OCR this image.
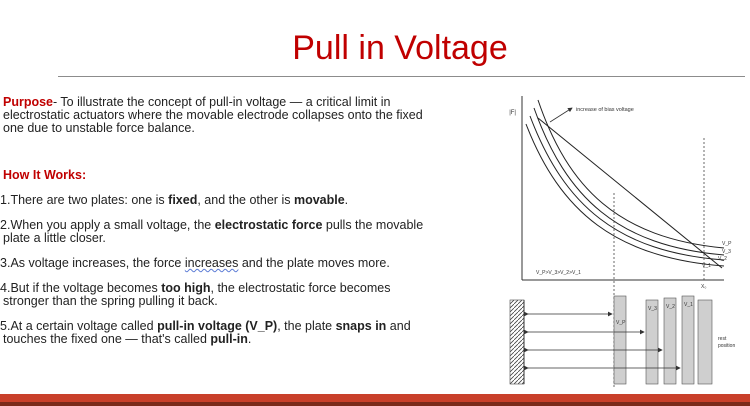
Pull in Voltage
Purpose- To illustrate the concept of pull-in voltage — a critical limit in electrostatic actuators where the movable electrode collapses onto the fixed one due to unstable force balance.
How It Works:
1.There are two plates: one is fixed, and the other is movable.
2.When you apply a small voltage, the electrostatic force pulls the movable plate a little closer.
3.As voltage increases, the force increases and the plate moves more.
4.But if the voltage becomes too high, the electrostatic force becomes stronger than the spring pulling it back.
5.At a certain voltage called pull-in voltage (V_P), the plate snaps in and touches the fixed one — that's called pull-in.
|F|	increase of bias voltage
V_P
V_3
V_2
V_1
V_P>V_3>V_2>V_1
X₀
V_P
V_3 V_2 V_1
rest
position
